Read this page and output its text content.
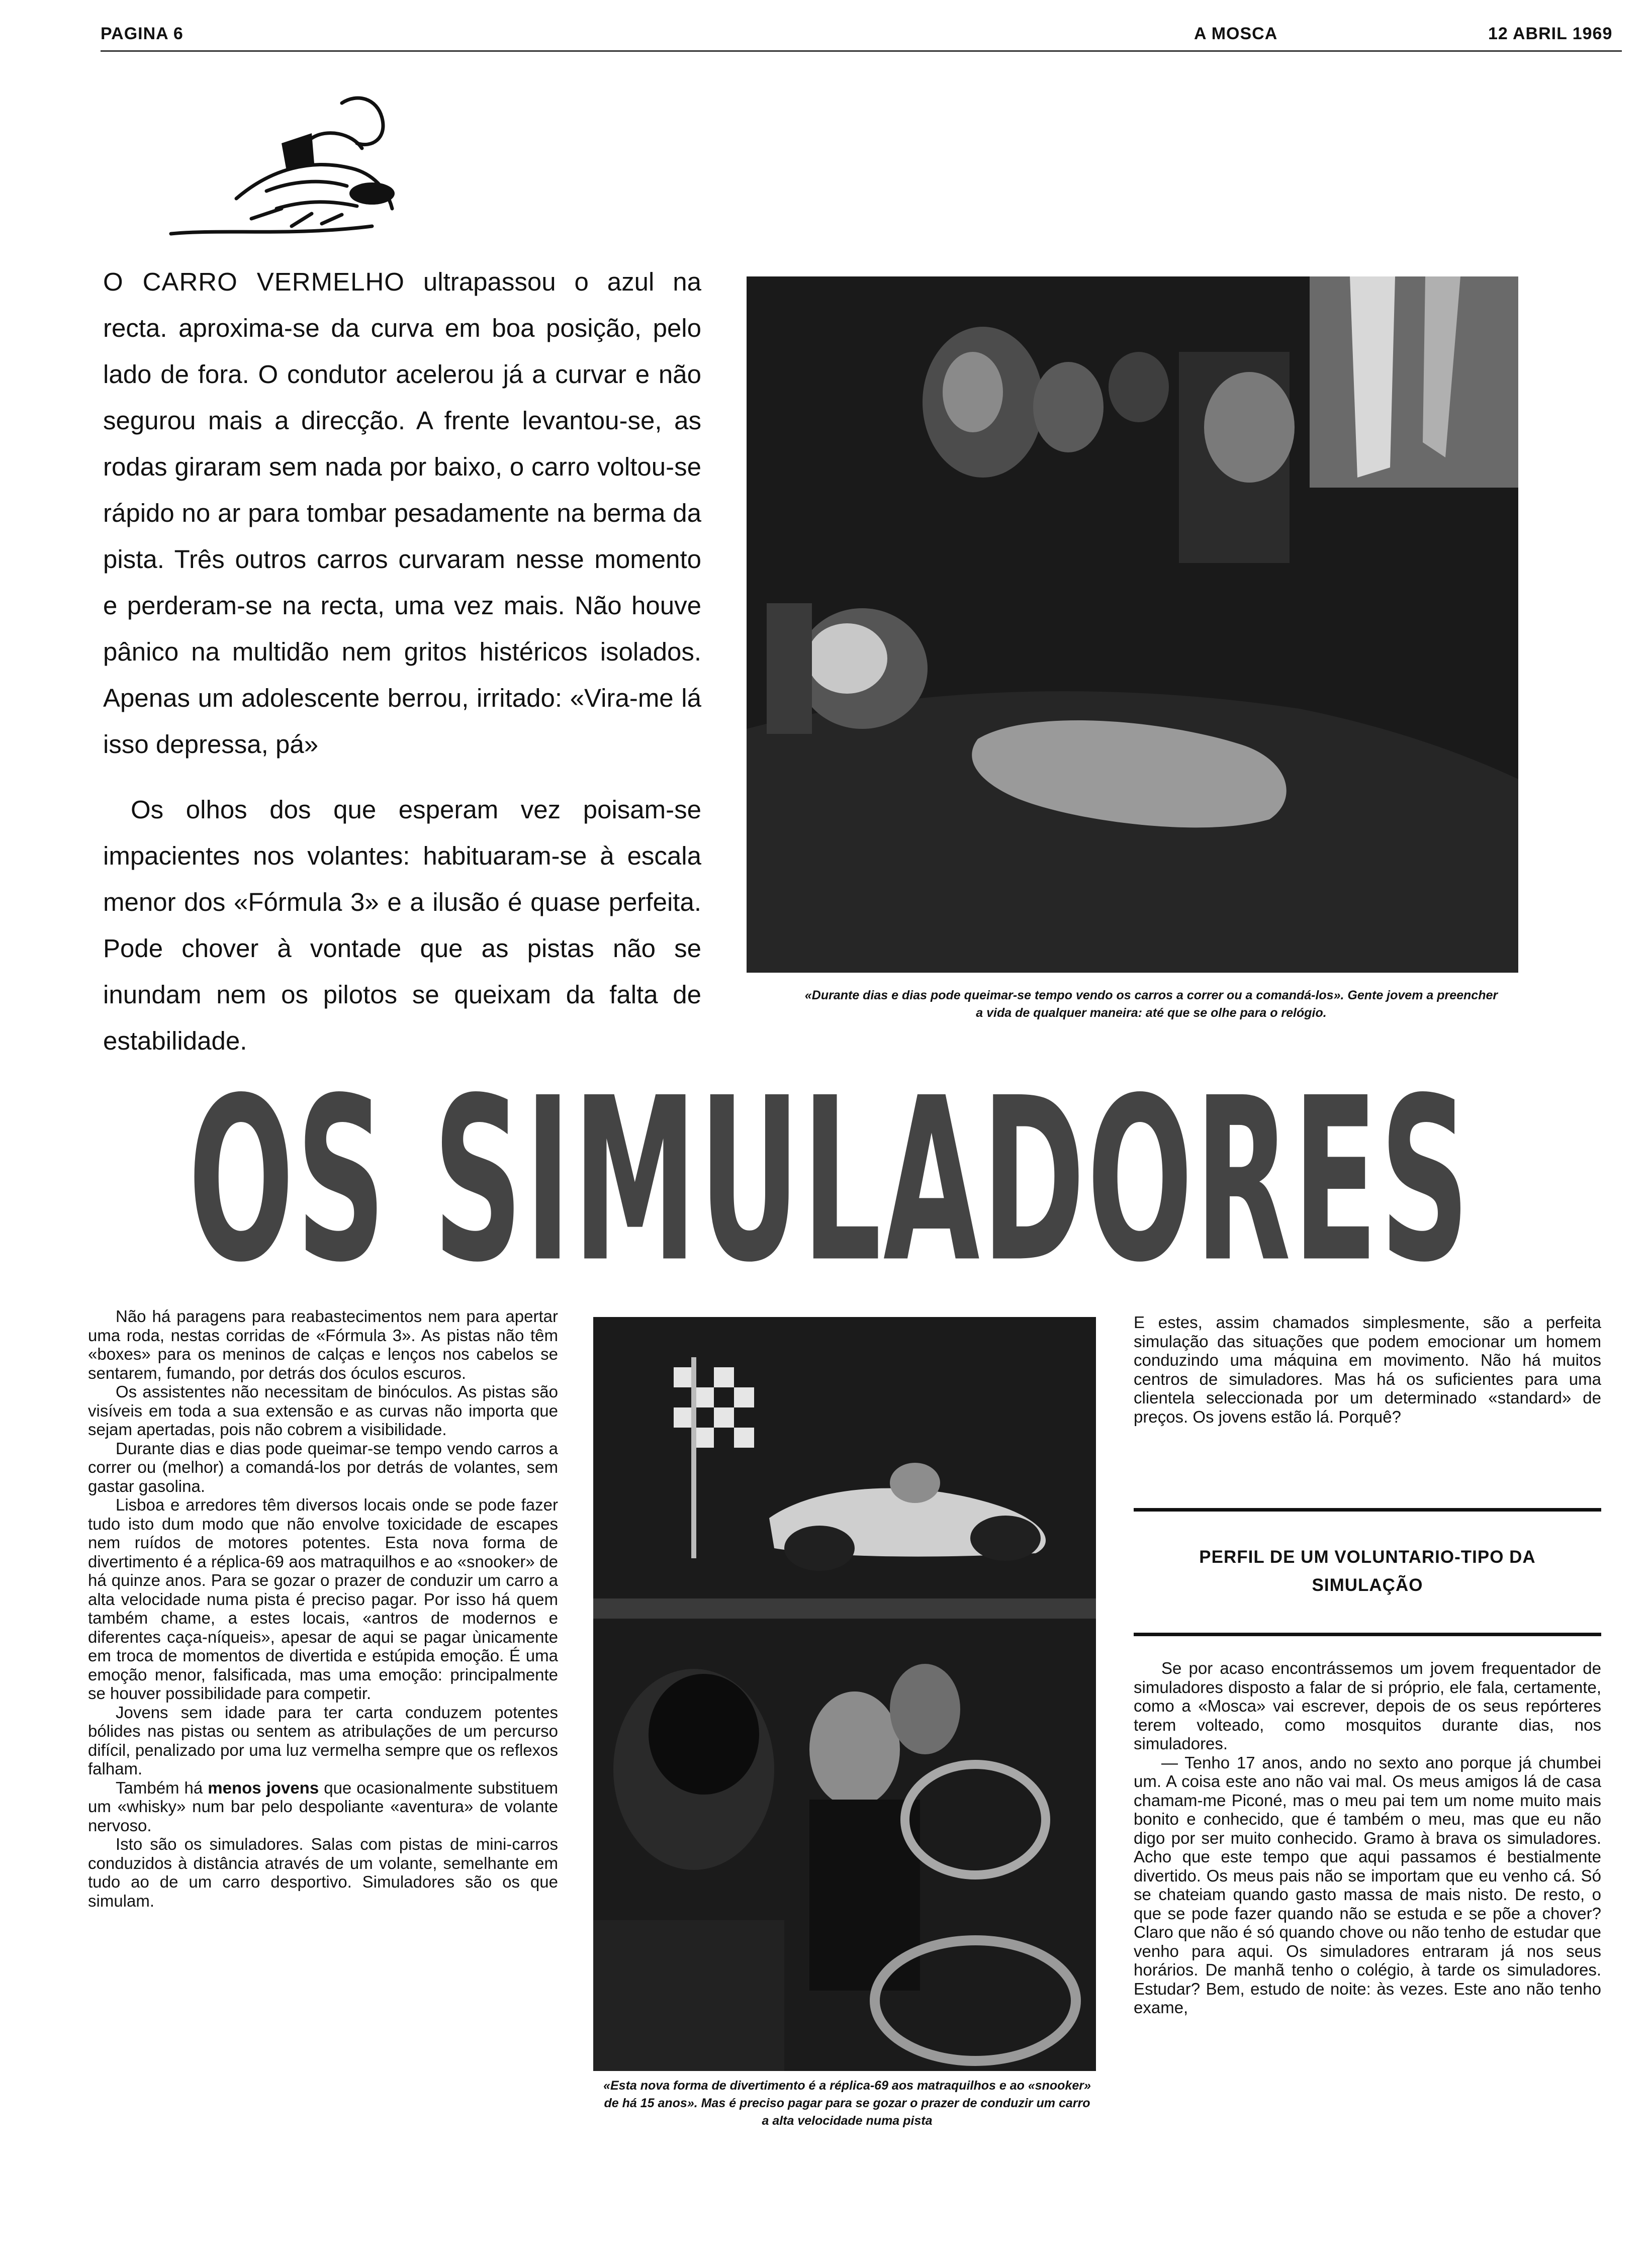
PAGINA 6	A MOSCA	12 ABRIL 1969

O CARRO VERMELHO ultrapassou o azul na recta. aproxima-se da curva em boa posição, pelo lado de fora. O condutor acelerou já a curvar e não segurou mais a direcção. A frente levantou-se, as rodas giraram sem nada por baixo, o carro voltou-se rápido no ar para tombar pesadamente na berma da pista. Três outros carros curvaram nesse momento e perderam-se na recta, uma vez mais. Não houve pânico na multidão nem gritos histéricos isolados. Apenas um adolescente berrou, irritado: «Vira-me lá isso depressa, pá»

Os olhos dos que esperam vez poisam-se impacientes nos volantes: habituaram-se à escala menor dos «Fórmula 3» e a ilusão é quase perfeita. Pode chover à vontade que as pistas não se inundam nem os pilotos se queixam da falta de estabilidade.

«Durante dias e dias pode queimar-se tempo vendo os carros a correr ou a comandá-los». Gente jovem a preencher a vida de qualquer maneira: até que se olhe para o relógio.
OS SIMULADORES

Não há paragens para reabastecimentos nem para apertar uma roda, nestas corridas de «Fórmula 3». As pistas não têm «boxes» para os meninos de calças e lenços nos cabelos se sentarem, fumando, por detrás dos óculos escuros.

Os assistentes não necessitam de binóculos. As pistas são visíveis em toda a sua extensão e as curvas não importa que sejam apertadas, pois não cobrem a visibilidade.

Durante dias e dias pode queimar-se tempo vendo carros a correr ou (melhor) a comandá-los por detrás de volantes, sem gastar gasolina.

Lisboa e arredores têm diversos locais onde se pode fazer tudo isto dum modo que não envolve toxicidade de escapes nem ruídos de motores potentes. Esta nova forma de divertimento é a réplica-69 aos matraquilhos e ao «snooker» de há quinze anos. Para se gozar o prazer de conduzir um carro a alta velocidade numa pista é preciso pagar. Por isso há quem também chame, a estes locais, «antros de modernos e diferentes caça-níqueis», apesar de aqui se pagar ùnicamente em troca de momentos de divertida e estúpida emoção. É uma emoção menor, falsificada, mas uma emoção: principalmente se houver possibilidade para competir.

Jovens sem idade para ter carta conduzem potentes bólides nas pistas ou sentem as atribulações de um percurso difícil, penalizado por uma luz vermelha sempre que os reflexos falham.

Também há menos jovens que ocasionalmente substituem um «whisky» num bar pelo despoliante «aventura» de volante nervoso.

Isto são os simuladores. Salas com pistas de mini-carros conduzidos à distância através de um volante, semelhante em tudo ao de um carro desportivo. Simuladores são os que simulam.

«Esta nova forma de divertimento é a réplica-69 aos matraquilhos e ao «snooker» de há 15 anos». Mas é preciso pagar para se gozar o prazer de conduzir um carro a alta velocidade numa pista

E estes, assim chamados simplesmente, são a perfeita simulação das situações que podem emocionar um homem conduzindo uma máquina em movimento. Não há muitos centros de simuladores. Mas há os suficientes para uma clientela seleccionada por um determinado «standard» de preços. Os jovens estão lá. Porquê?

PERFIL DE UM VOLUNTARIO-TIPO DA SIMULAÇÃO

Se por acaso encontrássemos um jovem frequentador de simuladores disposto a falar de si próprio, ele fala, certamente, como a «Mosca» vai escrever, depois de os seus repórteres terem volteado, como mosquitos durante dias, nos simuladores.

— Tenho 17 anos, ando no sexto ano porque já chumbei um. A coisa este ano não vai mal. Os meus amigos lá de casa chamam-me Piconé, mas o meu pai tem um nome muito mais bonito e conhecido, que é também o meu, mas que eu não digo por ser muito conhecido. Gramo à brava os simuladores. Acho que este tempo que aqui passamos é bestialmente divertido. Os meus pais não se importam que eu venho cá. Só se chateiam quando gasto massa de mais nisto. De resto, o que se pode fazer quando não se estuda e se põe a chover? Claro que não é só quando chove ou não tenho de estudar que venho para aqui. Os simuladores entraram já nos seus horários. De manhã tenho o colégio, à tarde os simuladores. Estudar? Bem, estudo de noite: às vezes. Este ano não tenho exame,
